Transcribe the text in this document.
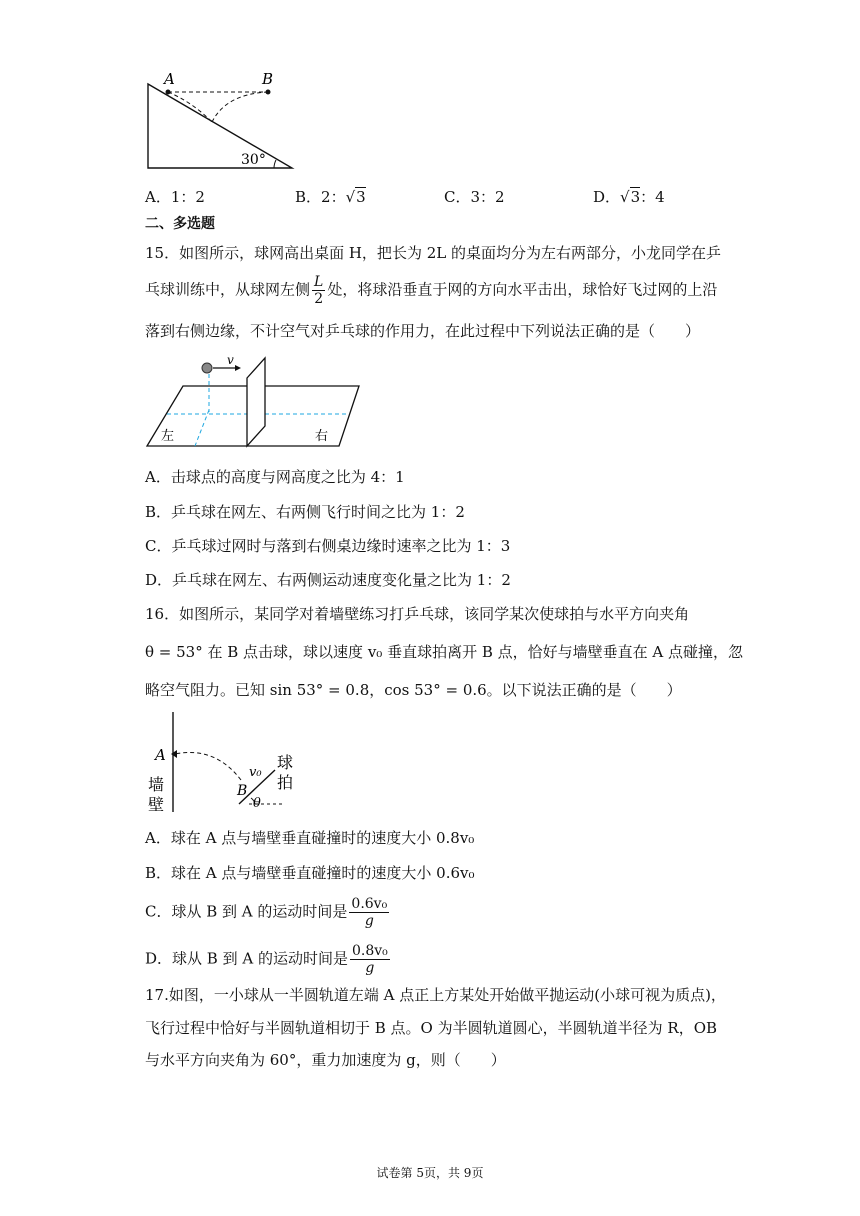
A	B
30°
A．1：2	B．2：√3	C．3：2	D．√3：4
二、多选题
15．如图所示，球网高出桌面 H，把长为 2L 的桌面均分为左右两部分，小龙同学在乒
乓球训练中，从球网左侧 $\frac{L}{2}$ 处，将球沿垂直于网的方向水平击出，球恰好飞过网的上沿
落到右侧边缘，不计空气对乒乓球的作用力，在此过程中下列说法正确的是（　　）
v
左	右
A．击球点的高度与网高度之比为 4：1
B．乒乓球在网左、右两侧飞行时间之比为 1：2
C．乒乓球过网时与落到右侧桌边缘时速率之比为 1：3
D．乒乓球在网左、右两侧运动速度变化量之比为 1：2
16．如图所示，某同学对着墙壁练习打乒乓球，该同学某次使球拍与水平方向夹角
θ = 53° 在 B 点击球，球以速度 v₀ 垂直球拍离开 B 点，恰好与墙壁垂直在 A 点碰撞，忽
略空气阻力。已知 sin 53° = 0.8，cos 53° = 0.6。以下说法正确的是（　　）
A
B
v₀
墙
壁
球
拍
θ
A．球在 A 点与墙壁垂直碰撞时的速度大小 0.8v₀
B．球在 A 点与墙壁垂直碰撞时的速度大小 0.6v₀
C．球从 B 到 A 的运动时间是 $\frac{\text{0.6v₀}}{g}$
D．球从 B 到 A 的运动时间是 $\frac{\text{0.8v₀}}{g}$
17.如图，一小球从一半圆轨道左端 A 点正上方某处开始做平抛运动(小球可视为质点)，
飞行过程中恰好与半圆轨道相切于 B 点。O 为半圆轨道圆心，半圆轨道半径为 R，OB
与水平方向夹角为 60°，重力加速度为 g，则（　　）
试卷第 5页，共 9页
